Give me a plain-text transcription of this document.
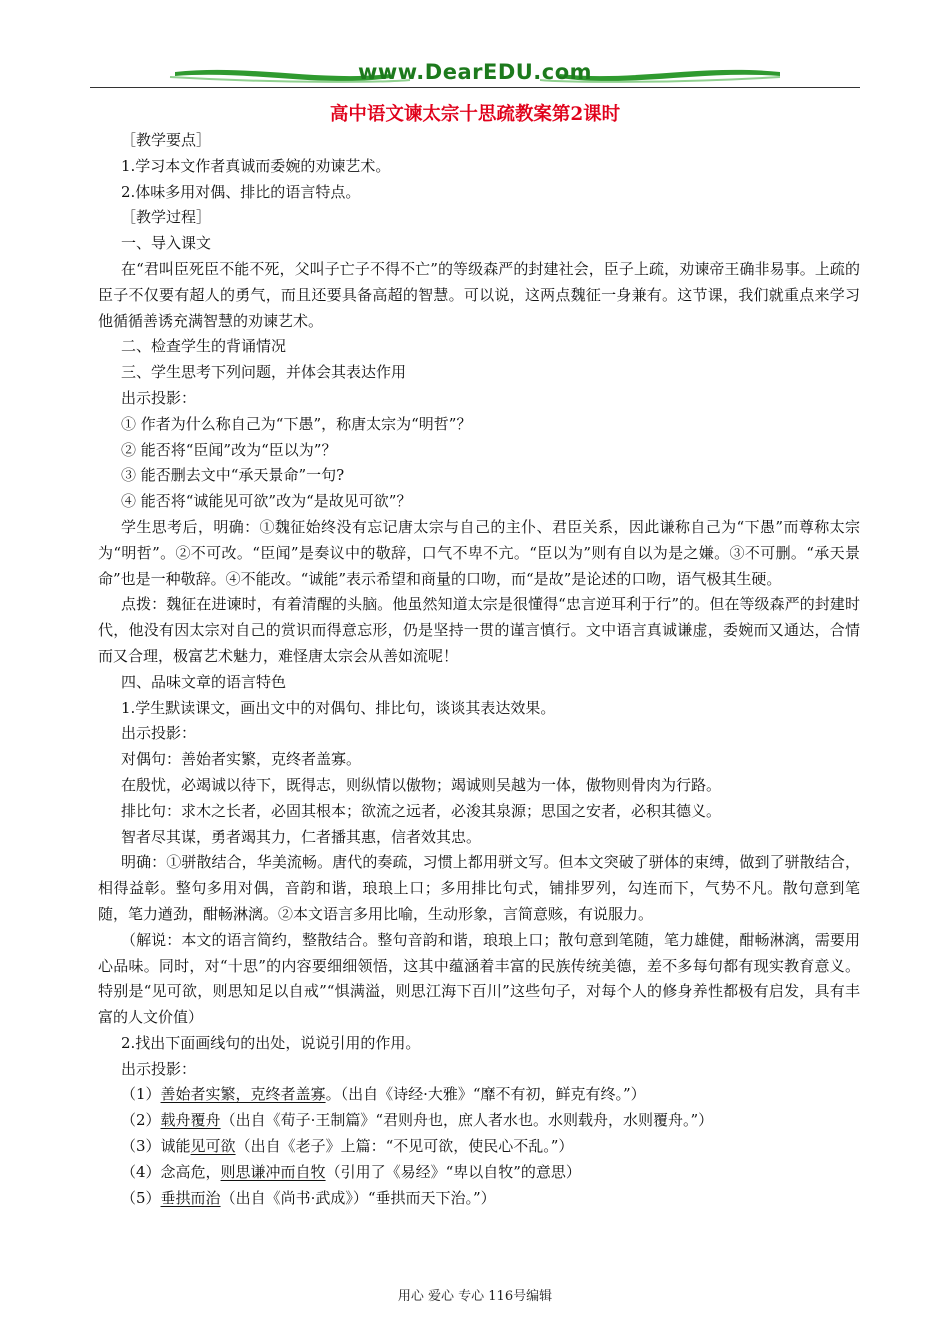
www.DearEDU.com
高中语文谏太宗十思疏教案第2课时

［教学要点］

1.学习本文作者真诚而委婉的劝谏艺术。

2.体味多用对偶、排比的语言特点。

［教学过程］

一、导入课文

在“君叫臣死臣不能不死，父叫子亡子不得不亡”的等级森严的封建社会，臣子上疏，劝谏帝王确非易事。上疏的臣子不仅要有超人的勇气，而且还要具备高超的智慧。可以说，这两点魏征一身兼有。这节课，我们就重点来学习他循循善诱充满智慧的劝谏艺术。

二、检查学生的背诵情况

三、学生思考下列问题，并体会其表达作用

出示投影：

① 作者为什么称自己为“下愚”，称唐太宗为“明哲”？

② 能否将“臣闻”改为“臣以为”？

③ 能否删去文中“承天景命”一句?

④ 能否将“诚能见可欲”改为“是故见可欲”？

学生思考后，明确：①魏征始终没有忘记唐太宗与自己的主仆、君臣关系，因此谦称自己为“下愚”而尊称太宗为“明哲”。②不可改。“臣闻”是奏议中的敬辞，口气不卑不亢。“臣以为”则有自以为是之嫌。③不可删。“承天景命”也是一种敬辞。④不能改。“诚能”表示希望和商量的口吻，而“是故”是论述的口吻，语气极其生硬。

点拨：魏征在进谏时，有着清醒的头脑。他虽然知道太宗是很懂得“忠言逆耳利于行”的。但在等级森严的封建时代，他没有因太宗对自己的赏识而得意忘形，仍是坚持一贯的谨言慎行。文中语言真诚谦虚，委婉而又通达，合情而又合理，极富艺术魅力，难怪唐太宗会从善如流呢！

四、品味文章的语言特色

1.学生默读课文，画出文中的对偶句、排比句，谈谈其表达效果。

出示投影：

对偶句：善始者实繁，克终者盖寡。

在殷忧，必竭诚以待下，既得志，则纵情以傲物；竭诚则吴越为一体，傲物则骨肉为行路。

排比句：求木之长者，必固其根本；欲流之远者，必浚其泉源；思国之安者，必积其德义。

智者尽其谋，勇者竭其力，仁者播其惠，信者效其忠。

明确：①骈散结合，华美流畅。唐代的奏疏，习惯上都用骈文写。但本文突破了骈体的束缚，做到了骈散结合，相得益彰。整句多用对偶，音韵和谐，琅琅上口；多用排比句式，铺排罗列，勾连而下，气势不凡。散句意到笔随，笔力遒劲，酣畅淋漓。②本文语言多用比喻，生动形象，言简意赅，有说服力。

（解说：本文的语言简约，整散结合。整句音韵和谐，琅琅上口；散句意到笔随，笔力雄健，酣畅淋漓，需要用心品味。同时，对“十思”的内容要细细领悟，这其中蕴涵着丰富的民族传统美德，差不多每句都有现实教育意义。特别是“见可欲，则思知足以自戒”“惧满溢，则思江海下百川”这些句子，对每个人的修身养性都极有启发，具有丰富的人文价值）

2.找出下面画线句的出处，说说引用的作用。

出示投影：

（1）善始者实繁，克终者盖寡。（出自《诗经·大雅》“靡不有初，鲜克有终。”）

（2）载舟覆舟（出自《荀子·王制篇》“君则舟也，庶人者水也。水则载舟，水则覆舟。”）

（3）诚能见可欲（出自《老子》上篇：“不见可欲，使民心不乱。”）

（4）念高危，则思谦冲而自牧（引用了《易经》“卑以自牧”的意思）

（5）垂拱而治（出自《尚书·武成》）“垂拱而天下治。”）

用心 爱心 专心 116号编辑
